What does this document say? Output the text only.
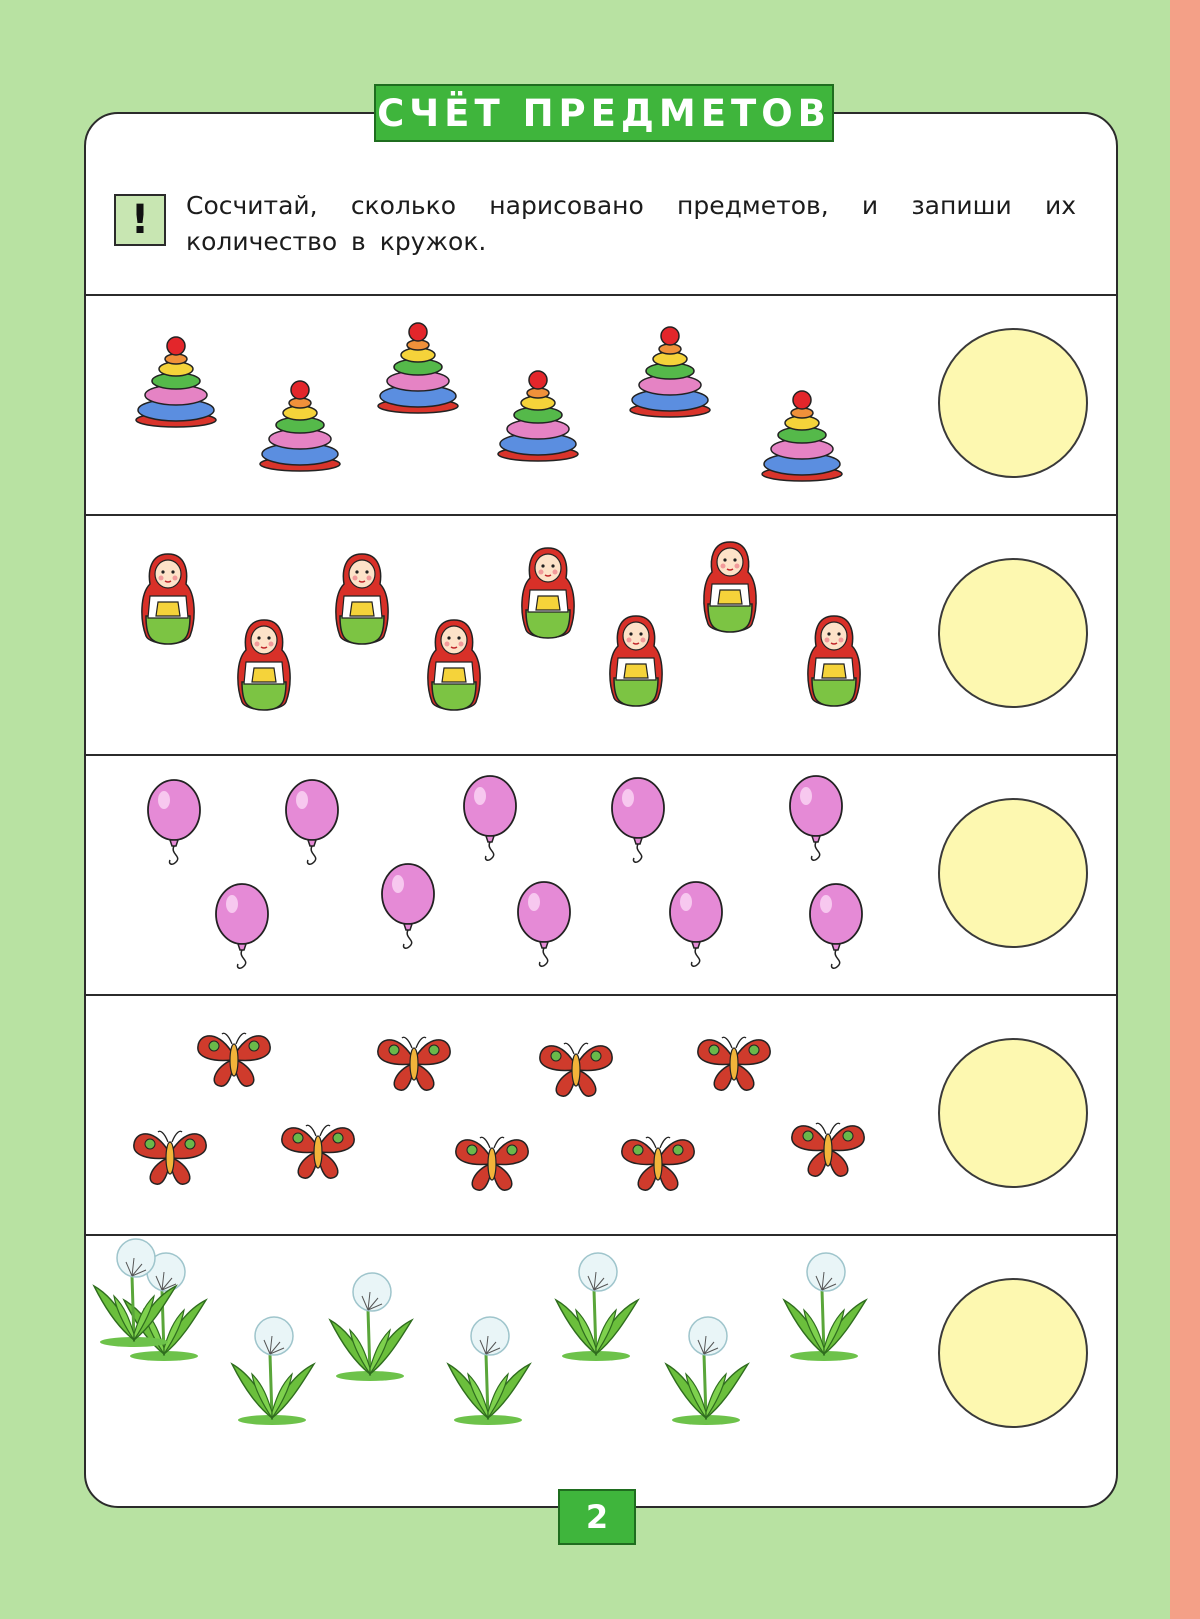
! Сосчитай, сколько нарисовано предметов, и запиши их количество в кружок.
СЧЁТ ПРЕДМЕТОВ
2
